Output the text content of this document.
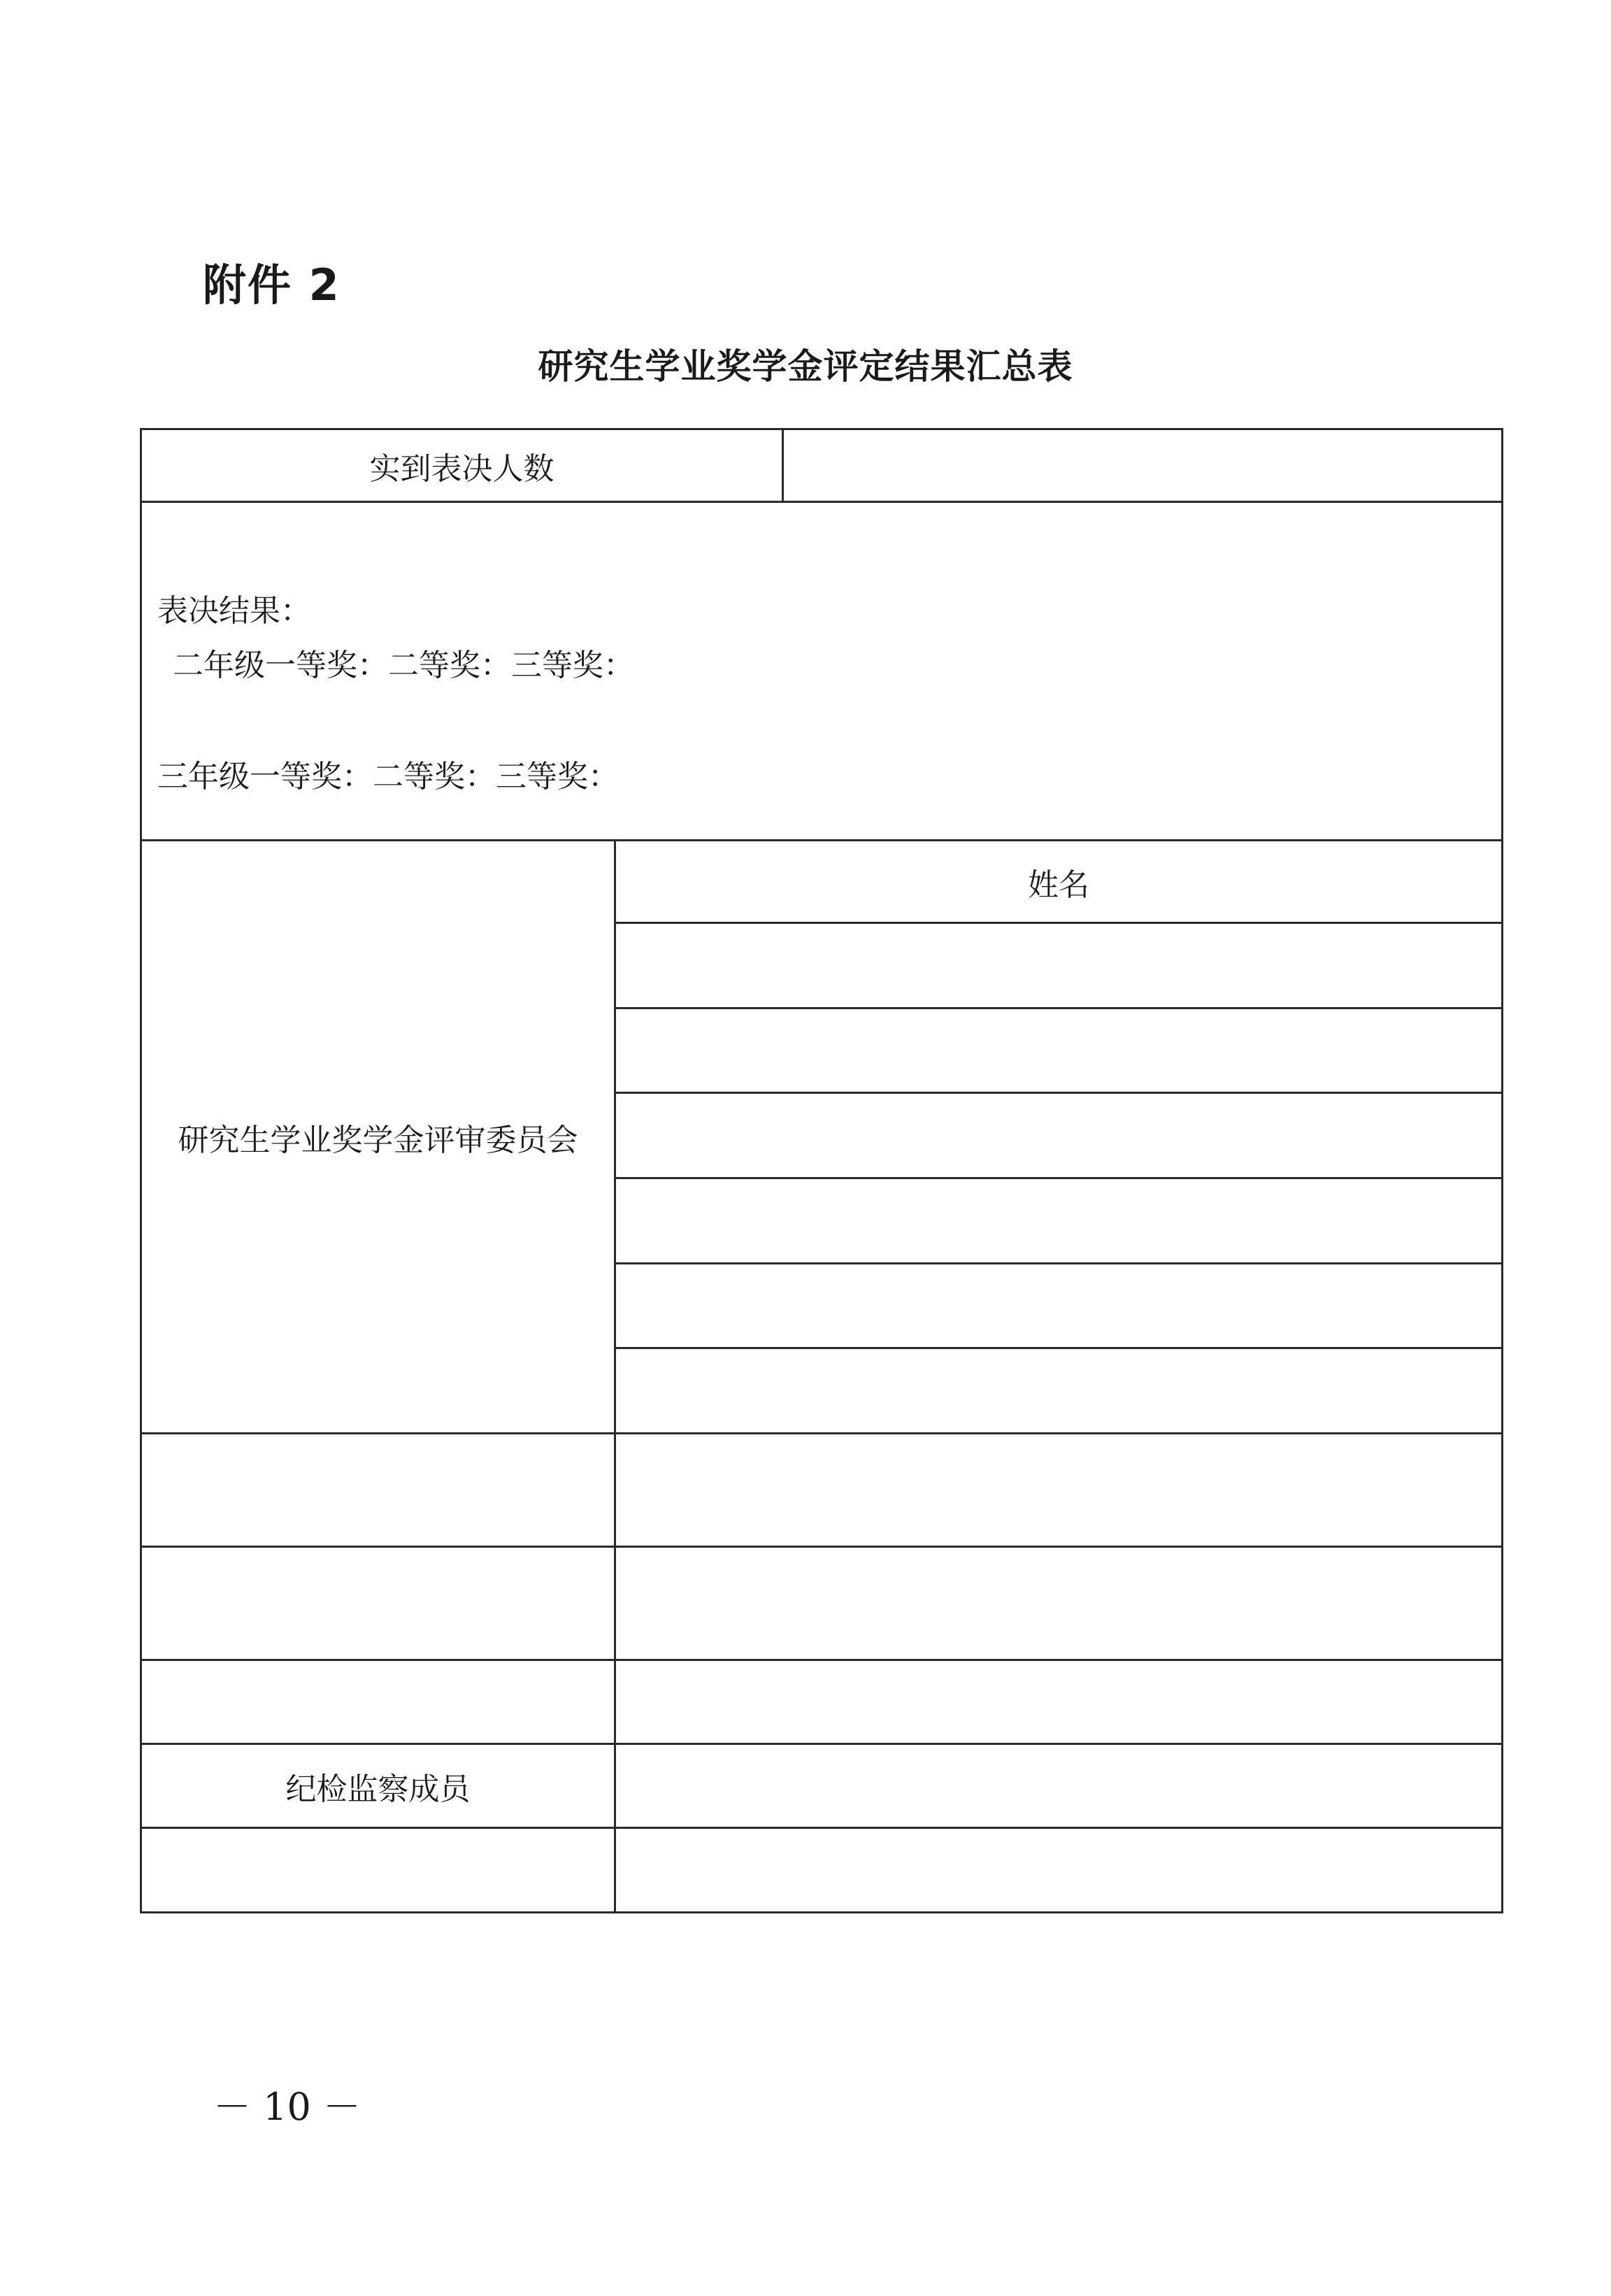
附件 2
研究生学业奖学金评定结果汇总表
实到表决人数
表决结果：
二年级一等奖：二等奖：三等奖：
三年级一等奖：二等奖：三等奖：
研究生学业奖学金评审委员会
姓名
纪检监察成员
－ 10 －
